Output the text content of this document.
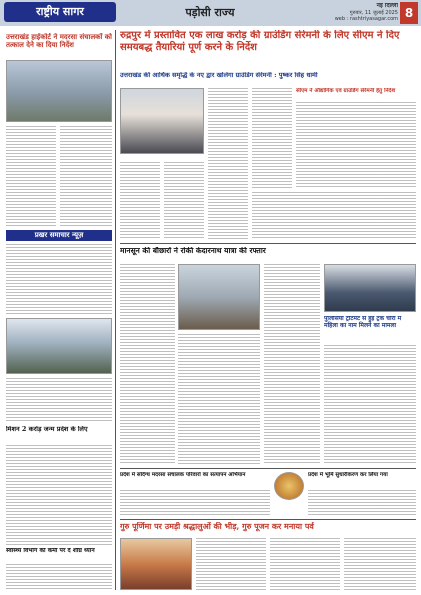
राष्ट्रीय सागर	पड़ोसी राज्य
नई दिल्ली
गुरुवार, 11 जुलाई 2025
web : rashtriyasagar.com 8
उत्तराखंड हाईकोर्ट ने मदरसा संचालकों को तत्काल देने का दिया निर्देश
प्रखर समाचार न्यूज़
मिशन 2 करोड़ जन्म प्रदेश के लिए
स्वास्थ्य विभाग की कमी पर दें शीघ्र ध्यान
रुद्रपुर में प्रस्तावित एक लाख करोड़ की ग्राउंडिंग सेरेमनी के लिए सीएम ने दिए समयबद्ध तैयारियां पूर्ण करने के निर्देश
उत्तराखंड की आर्थिक समृद्धि के नए द्वार खोलेगा ग्राउंडिंग सेरेमनी : पुष्कर सिंह धामी
सीएम ने औद्योगिक एवं ग्राउंडिंग सेरेमनी हेतु निर्देश
मानसून की बौछारों ने रोकी केदारनाथ यात्रा की रफ्तार
पुलिसिया ट्रीटमेंट से हुई ट्रक चोरी में महिला का नाम मिलने का मामला
प्रदेश में संदिग्ध मदरसा संचालक परिवारों का सत्यापन अभियान	प्रदेश में भूमि सुधारीकरण कर लिया गया
गुरु पूर्णिमा पर उमड़ी श्रद्धालुओं की भीड़, गुरु पूजन कर मनाया पर्व
